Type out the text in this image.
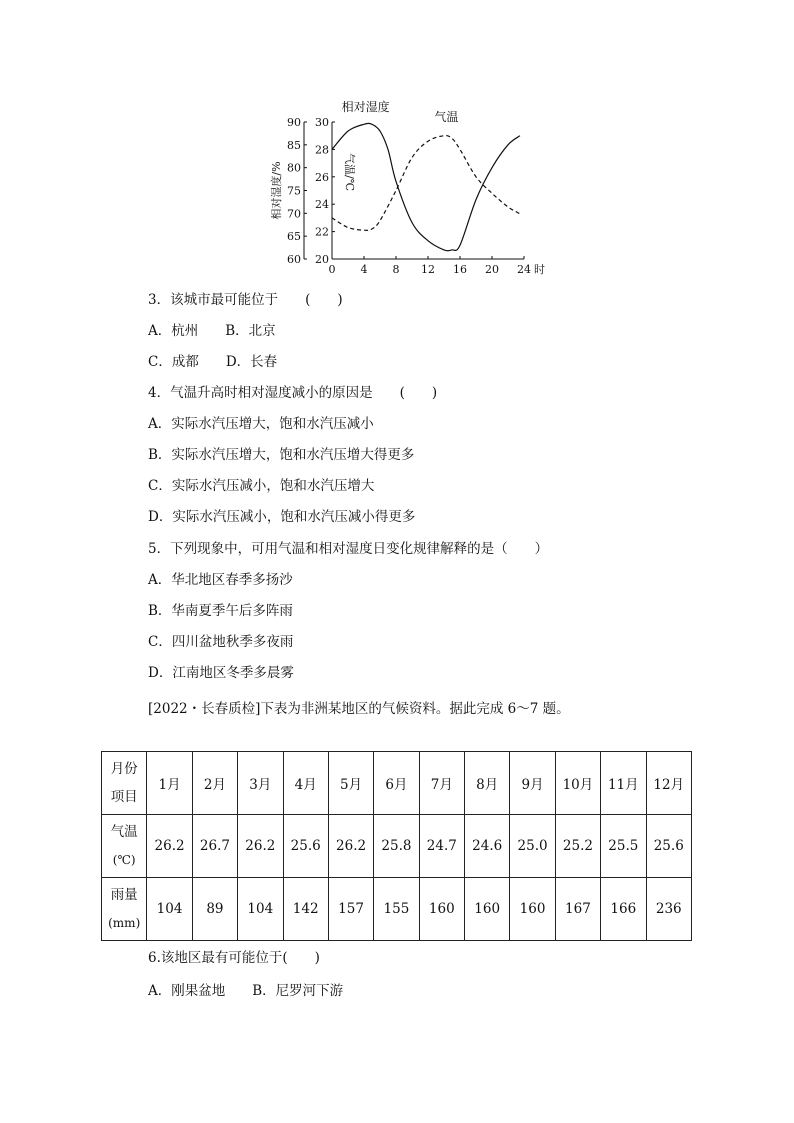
90
85
80
75
70
65
60
30
28
26
24
22
20
0 4 8 12 16 20 24 时
相对湿度/%	气温/℃
相对湿度
气温
3．该城市最可能位于　　(　　)
A．杭州　　B．北京
C．成都　　D．长春
4．气温升高时相对湿度减小的原因是　　(　　)
A．实际水汽压增大，饱和水汽压减小
B．实际水汽压增大，饱和水汽压增大得更多
C．实际水汽压减小，饱和水汽压增大
D．实际水汽压减小，饱和水汽压减小得更多
5．下列现象中，可用气温和相对湿度日变化规律解释的是（　　）
A．华北地区春季多扬沙
B．华南夏季午后多阵雨
C．四川盆地秋季多夜雨
D．江南地区冬季多晨雾
[2022・长春质检]下表为非洲某地区的气候资料。据此完成 6～7 题。
月份
项目	1月	2月	3月	4月	5月	6月	7月	8月	9月	10月	11月	12月

气温
(℃)	26.2	26.7	26.2	25.6	26.2	25.8	24.7	24.6	25.0	25.2	25.5	25.6

雨量
(mm)	104	89	104	142	157	155	160	160	160	167	166	236
6.该地区最有可能位于(　　)
A．刚果盆地　　B．尼罗河下游
